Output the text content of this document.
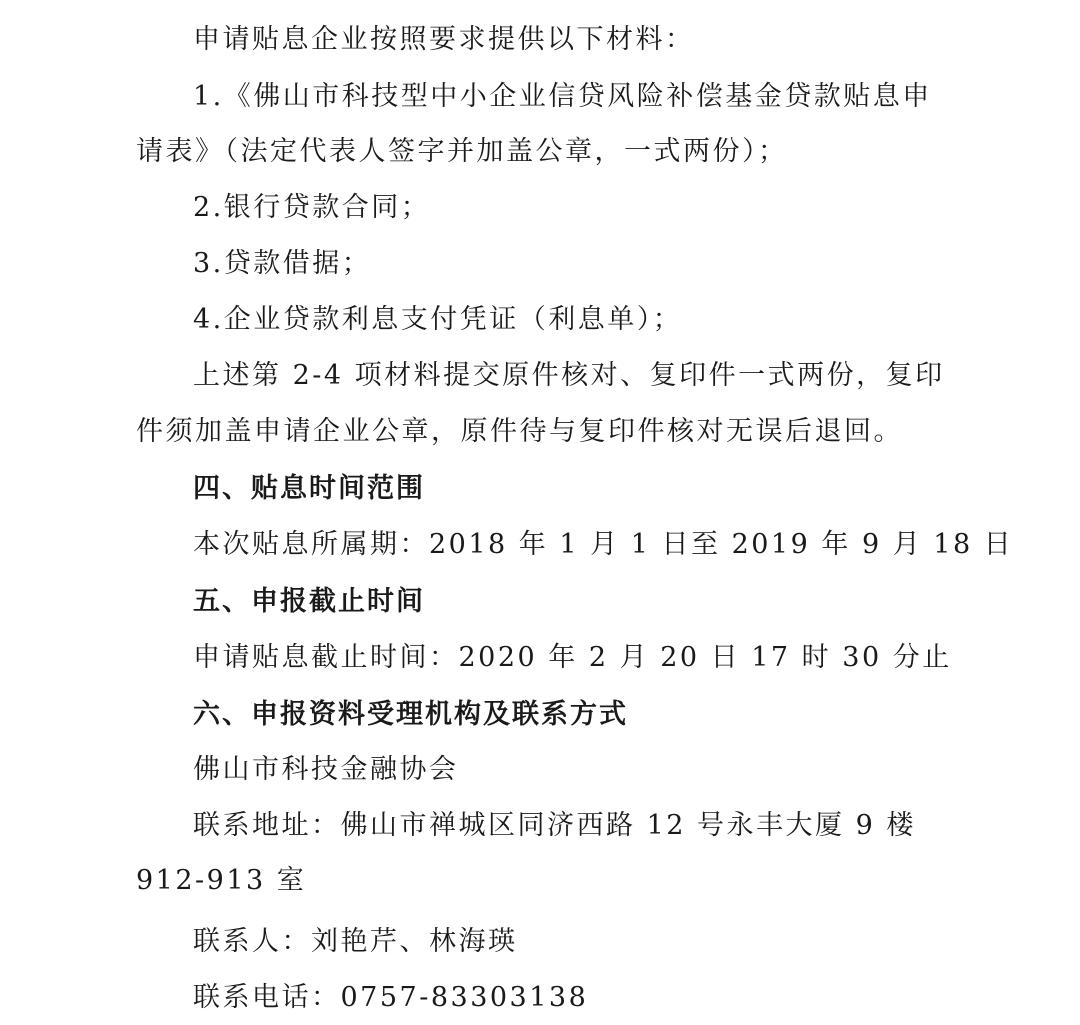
申请贴息企业按照要求提供以下材料：
1.《佛山市科技型中小企业信贷风险补偿基金贷款贴息申
请表》（法定代表人签字并加盖公章，一式两份）；
2.银行贷款合同；
3.贷款借据；
4.企业贷款利息支付凭证（利息单）；
上述第 2-4 项材料提交原件核对、复印件一式两份，复印
件须加盖申请企业公章，原件待与复印件核对无误后退回。
四、贴息时间范围
本次贴息所属期：2018 年 1 月 1 日至 2019 年 9 月 18 日
五、申报截止时间
申请贴息截止时间：2020 年 2 月 20 日 17 时 30 分止
六、申报资料受理机构及联系方式
佛山市科技金融协会
联系地址：佛山市禅城区同济西路 12 号永丰大厦 9 楼
912-913 室
联系人：刘艳芹、林海瑛
联系电话：0757-83303138
